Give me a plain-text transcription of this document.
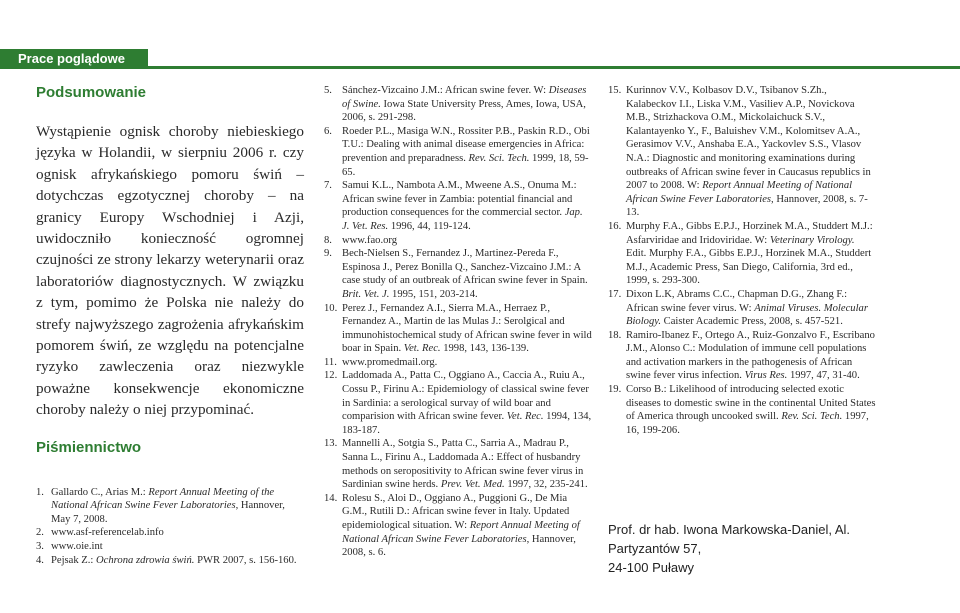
Prace poglądowe
Podsumowanie

Wystąpienie ognisk choroby niebieskiego języka w Holandii, w sierpniu 2006 r. czy ognisk afrykańskiego pomoru świń – dotychczas egzotycznej choroby – na granicy Europy Wschodniej i Azji, uwidoczniło konieczność ogromnej czujności ze strony lekarzy weterynarii oraz laboratoriów diagnostycznych. W związku z tym, pomimo że Polska nie należy do strefy najwyższego zagrożenia afrykańskim pomorem świń, ze względu na potencjalne ryzyko zawleczenia oraz niezwykle poważne konsekwencje ekonomiczne choroby należy o niej przypominać.

Piśmiennictwo
1. Gallardo C., Arias M.: Report Annual Meeting of the National African Swine Fever Laboratories, Hannover, May 7, 2008.
2. www.asf-referencelab.info
3. www.oie.int
4. Pejsak Z.: Ochrona zdrowia świń. PWR 2007, s. 156-160.
5. Sánchez-Vizcaino J.M.: African swine fever. W: Diseases of Swine. Iowa State University Press, Ames, Iowa, USA, 2006, s. 291-298.
6. Roeder P.L., Masiga W.N., Rossiter P.B., Paskin R.D., Obi T.U.: Dealing with animal disease emergencies in Africa: prevention and preparadness. Rev. Sci. Tech. 1999, 18, 59-65.
7. Samui K.L., Nambota A.M., Mweene A.S., Onuma M.: African swine fever in Zambia: potential financial and production consequences for the commercial sector. Jap. J. Vet. Res. 1996, 44, 119-124.
8. www.fao.org
9. Bech-Nielsen S., Fernandez J., Martinez-Pereda F., Espinosa J., Perez Bonilla Q., Sanchez-Vizcaino J.M.: A case study of an outbreak of African swine fever in Spain. Brit. Vet. J. 1995, 151, 203-214.
10. Perez J., Fernandez A.I., Sierra M.A., Herraez P., Fernandez A., Martin de las Mulas J.: Serolgical and immunohistochemical study of African swine fever in wild boar in Spain. Vet. Rec. 1998, 143, 136-139.
11. www.promedmail.org.
12. Laddomada A., Patta C., Oggiano A., Caccia A., Ruiu A., Cossu P., Firinu A.: Epidemiology of classical swine fever in Sardinia: a serological survay of wild boar and comparision with African swine fever. Vet. Rec. 1994, 134, 183-187.
13. Mannelli A., Sotgia S., Patta C., Sarria A., Madrau P., Sanna L., Firinu A., Laddomada A.: Effect of husbandry methods on seropositivity to African swine fever virus in Sardinian swine herds. Prev. Vet. Med. 1997, 32, 235-241.
14. Rolesu S., Aloi D., Oggiano A., Puggioni G., De Mia G.M., Rutili D.: African swine fever in Italy. Updated epidemiological situation. W: Report Annual Meeting of National African Swine Fever Laboratories, Hannover, 2008, s. 6.
15. Kurinnov V.V., Kolbasov D.V., Tsibanov S.Zh., Kalabeckov I.I., Liska V.M., Vasiliev A.P., Novickova M.B., Strizhackova O.M., Mickolaichuck S.V., Kalantayenko Y., F., Baluishev V.M., Kolomitsev A.A., Gerasimov V.V., Anshaba E.A., Yackovlev S.S., Vlasov N.A.: Diagnostic and monitoring examinations during outbreaks of African swine fever in Caucasus republics in 2007 to 2008. W: Report Annual Meeting of National African Swine Fever Laboratories, Hannover, 2008, s. 7-13.
16. Murphy F.A., Gibbs E.P.J., Horzinek M.A., Studdert M.J.: Asfarviridae and Iridoviridae. W: Veterinary Virology. Edit. Murphy F.A., Gibbs E.P.J., Horzinek M.A., Studdert M.J., Academic Press, San Diego, California, 3rd ed., 1999, s. 293-300.
17. Dixon L.K, Abrams C.C., Chapman D.G., Zhang F.: African swine fever virus. W: Animal Viruses. Molecular Biology. Caister Academic Press, 2008, s. 457-521.
18. Ramiro-Ibanez F., Ortego A., Ruiz-Gonzalvo F., Escribano J.M., Alonso C.: Modulation of immune cell populations and activation markers in the pathogenesis of African swine fever virus infection. Virus Res. 1997, 47, 31-40.
19. Corso B.: Likelihood of introducing selected exotic diseases to domestic swine in the continental United States of America through uncooked swill. Rev. Sci. Tech. 1997, 16, 199-206.
Prof. dr hab. Iwona Markowska-Daniel, Al. Partyzantów 57,
24-100 Puławy
